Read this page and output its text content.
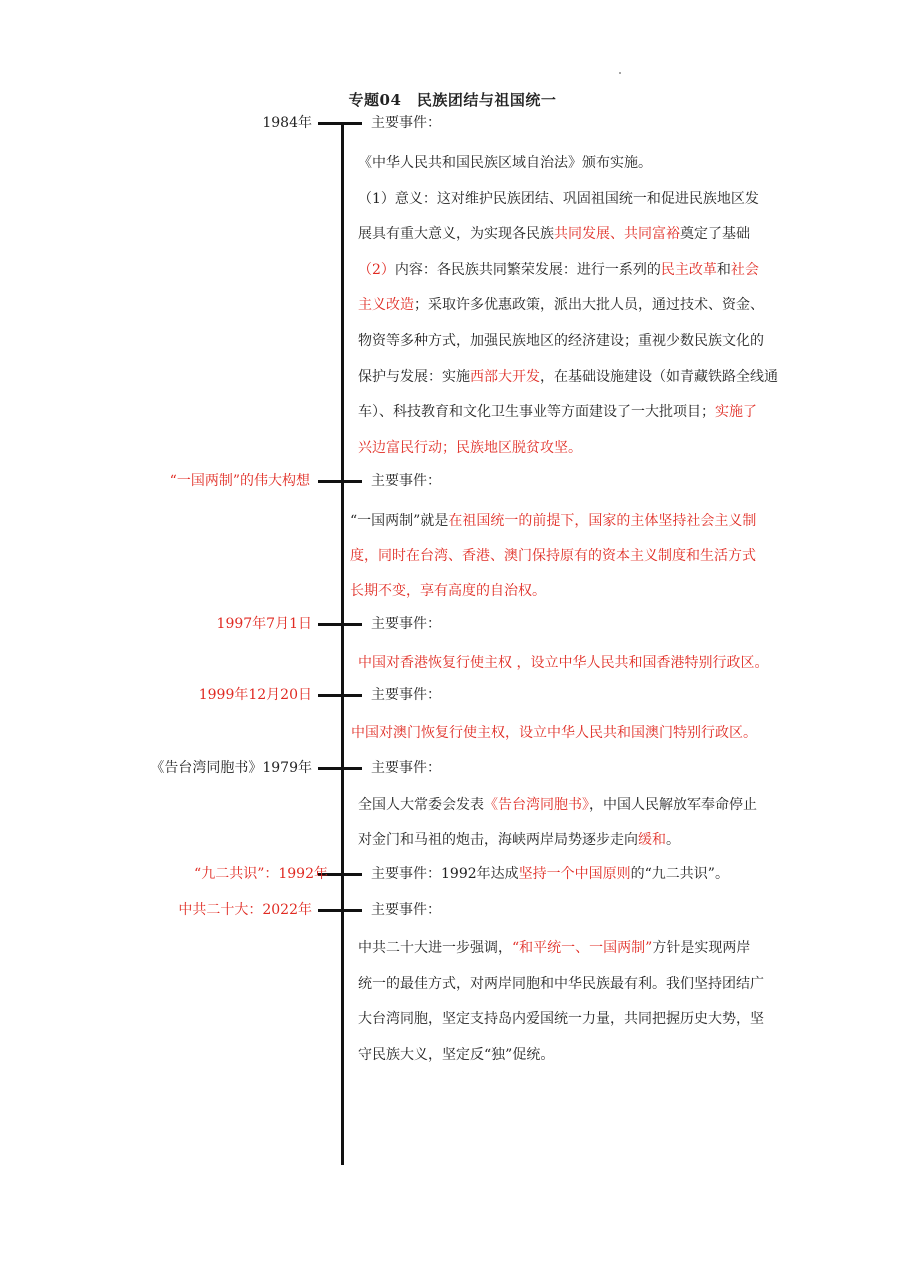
专题04　民族团结与祖国统一
1984年	主要事件：
《中华人民共和国民族区域自治法》颁布实施。
（1）意义：这对维护民族团结、巩固祖国统一和促进民族地区发
展具有重大意义，为实现各民族共同发展、共同富裕奠定了基础
（2）内容：各民族共同繁荣发展：进行一系列的民主改革和社会
主义改造；采取许多优惠政策，派出大批人员，通过技术、资金、
物资等多种方式，加强民族地区的经济建设；重视少数民族文化的
保护与发展：实施西部大开发，在基础设施建设（如青藏铁路全线通
车）、科技教育和文化卫生事业等方面建设了一大批项目；实施了
兴边富民行动；民族地区脱贫攻坚。
“一国两制”的伟大构想	主要事件：
“一国两制”就是在祖国统一的前提下，国家的主体坚持社会主义制
度，同时在台湾、香港、澳门保持原有的资本主义制度和生活方式
长期不变，享有高度的自治权。
1997年7月1日	主要事件：
中国对香港恢复行使主权 ，设立中华人民共和国香港特别行政区。
1999年12月20日	主要事件：
中国对澳门恢复行使主权，设立中华人民共和国澳门特别行政区。
《告台湾同胞书》1979年	主要事件：
全国人大常委会发表《告台湾同胞书》，中国人民解放军奉命停止
对金门和马祖的炮击，海峡两岸局势逐步走向缓和。
“九二共识”：1992年	主要事件：1992年达成坚持一个中国原则的“九二共识”。
中共二十大：2022年	主要事件：
中共二十大进一步强调，“和平统一、一国两制”方针是实现两岸
统一的最佳方式，对两岸同胞和中华民族最有利。我们坚持团结广
大台湾同胞，坚定支持岛内爱国统一力量，共同把握历史大势，坚
守民族大义，坚定反“独”促统。
